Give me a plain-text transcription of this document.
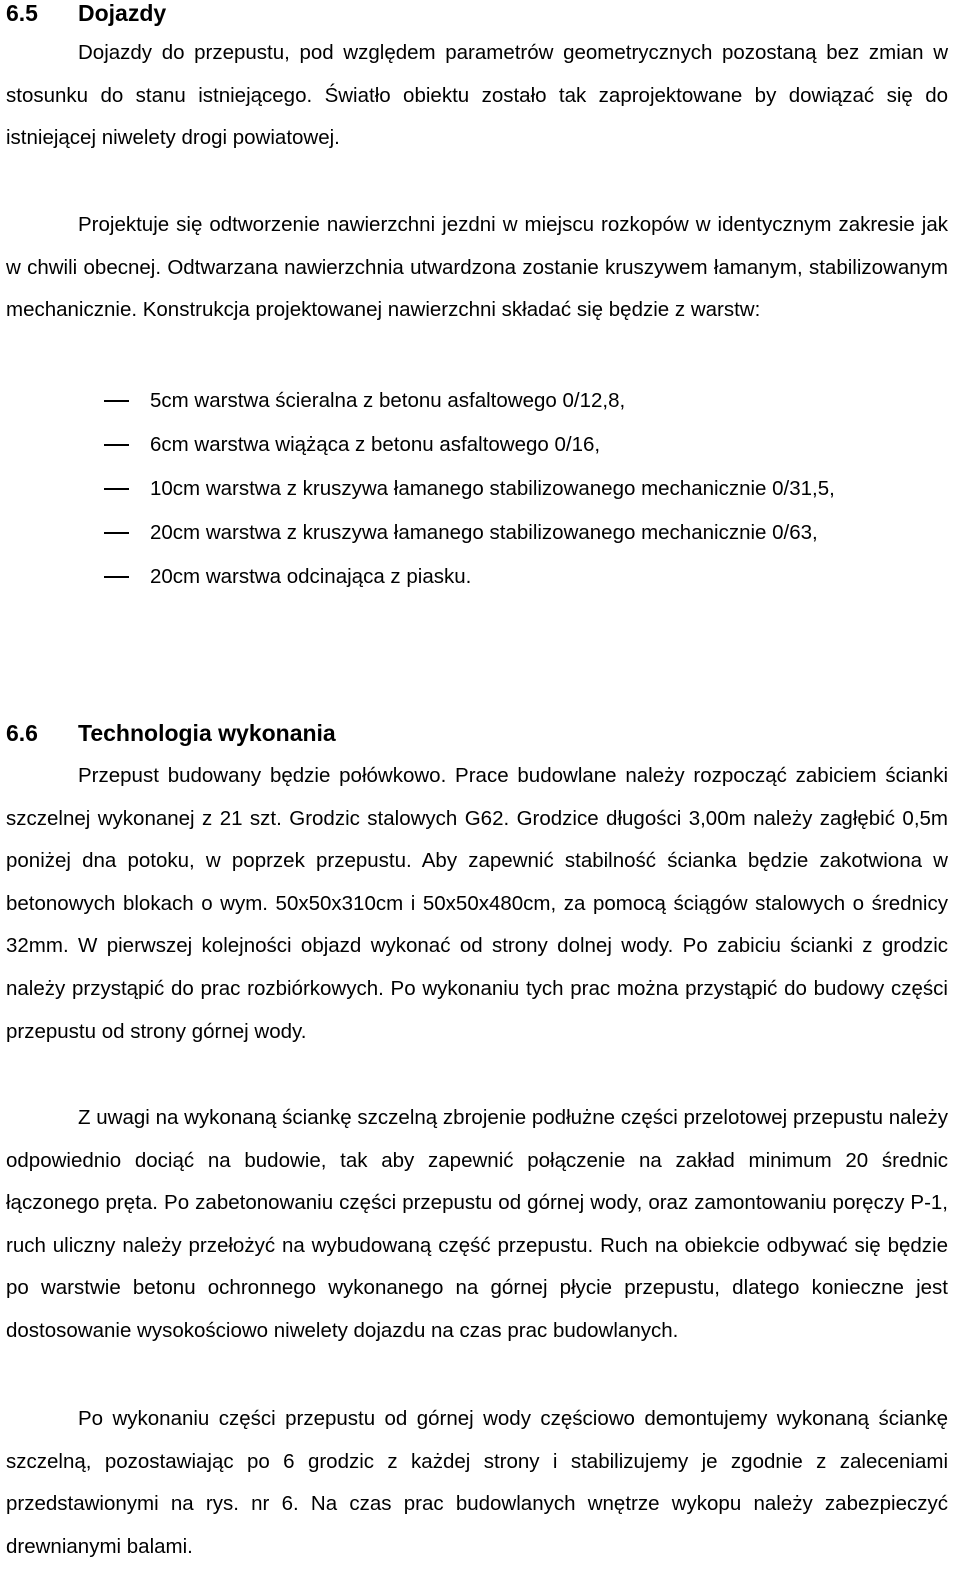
6.5	Dojazdy

Dojazdy do przepustu, pod względem parametrów geometrycznych pozostaną bez zmian w stosunku do stanu istniejącego. Światło obiektu zostało tak zaprojektowane by dowiązać się do istniejącej niwelety drogi powiatowej.

Projektuje się odtworzenie nawierzchni jezdni w miejscu rozkopów w identycznym zakresie jak w chwili obecnej. Odtwarzana nawierzchnia utwardzona zostanie kruszywem łamanym, stabilizowanym mechanicznie. Konstrukcja projektowanej nawierzchni składać się będzie z warstw:

5cm warstwa ścieralna z betonu asfaltowego 0/12,8,
6cm warstwa wiążąca z betonu asfaltowego 0/16,
10cm warstwa z kruszywa łamanego stabilizowanego mechanicznie 0/31,5,
20cm warstwa z kruszywa łamanego stabilizowanego mechanicznie 0/63,
20cm warstwa odcinająca z piasku.
6.6	Technologia wykonania

Przepust budowany będzie połówkowo. Prace budowlane należy rozpocząć zabiciem ścianki szczelnej wykonanej z 21 szt. Grodzic stalowych G62. Grodzice długości 3,00m należy zagłębić 0,5m poniżej dna potoku, w poprzek przepustu. Aby zapewnić stabilność ścianka będzie zakotwiona w betonowych blokach o wym. 50x50x310cm i 50x50x480cm, za pomocą ściągów stalowych o średnicy 32mm. W pierwszej kolejności objazd wykonać od strony dolnej wody. Po zabiciu ścianki z grodzic należy przystąpić do prac rozbiórkowych. Po wykonaniu tych prac można przystąpić do budowy części przepustu od strony górnej wody.

Z uwagi na wykonaną ściankę szczelną zbrojenie podłużne części przelotowej przepustu należy odpowiednio dociąć na budowie, tak aby zapewnić połączenie na zakład minimum 20 średnic łączonego pręta. Po zabetonowaniu części przepustu od górnej wody, oraz zamontowaniu poręczy P-1, ruch uliczny należy przełożyć na wybudowaną część przepustu. Ruch na obiekcie odbywać się będzie po warstwie betonu ochronnego wykonanego na górnej płycie przepustu, dlatego konieczne jest dostosowanie wysokościowo niwelety dojazdu na czas prac budowlanych.

Po wykonaniu części przepustu od górnej wody częściowo demontujemy wykonaną ściankę szczelną, pozostawiając po 6 grodzic z każdej strony i stabilizujemy je zgodnie z zaleceniami przedstawionymi na rys. nr 6. Na czas prac budowlanych wnętrze wykopu należy zabezpieczyć drewnianymi balami.
